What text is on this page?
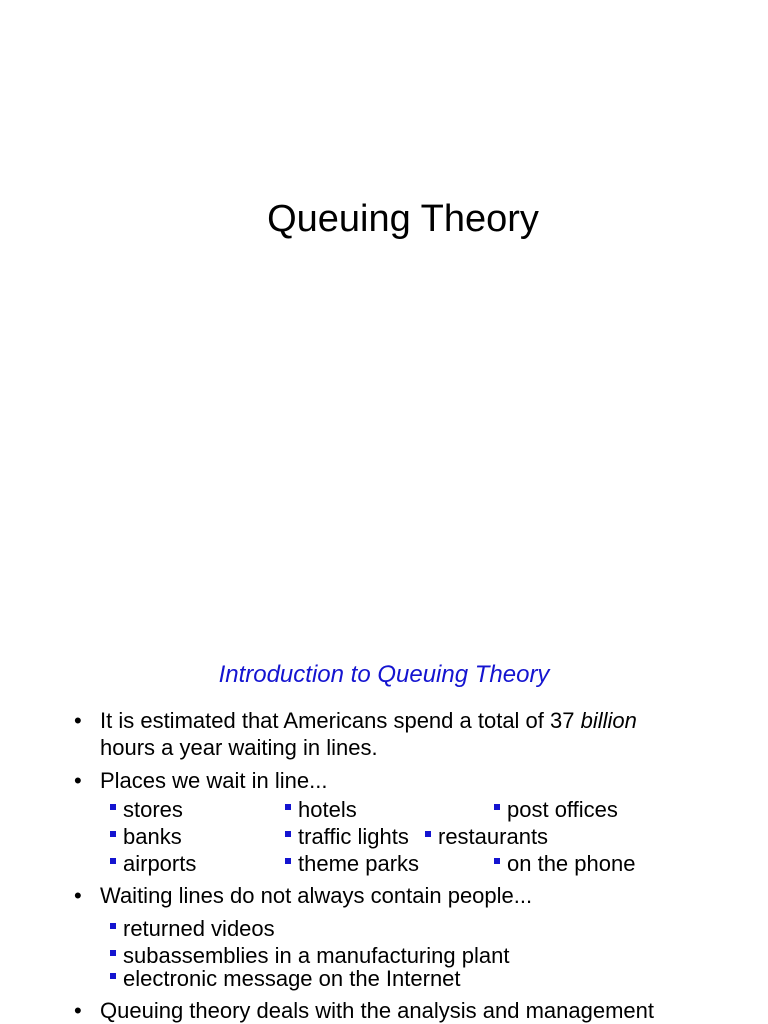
Queuing Theory
Introduction to Queuing Theory
• It is estimated that Americans spend a total of 37 billion
hours a year waiting in lines.
• Places we wait in line...
stores	hotels	post offices
banks	traffic lights	restaurants
airports	theme parks	on the phone
• Waiting lines do not always contain people...
returned videos
subassemblies in a manufacturing plant
electronic message on the Internet
• Queuing theory deals with the analysis and management
